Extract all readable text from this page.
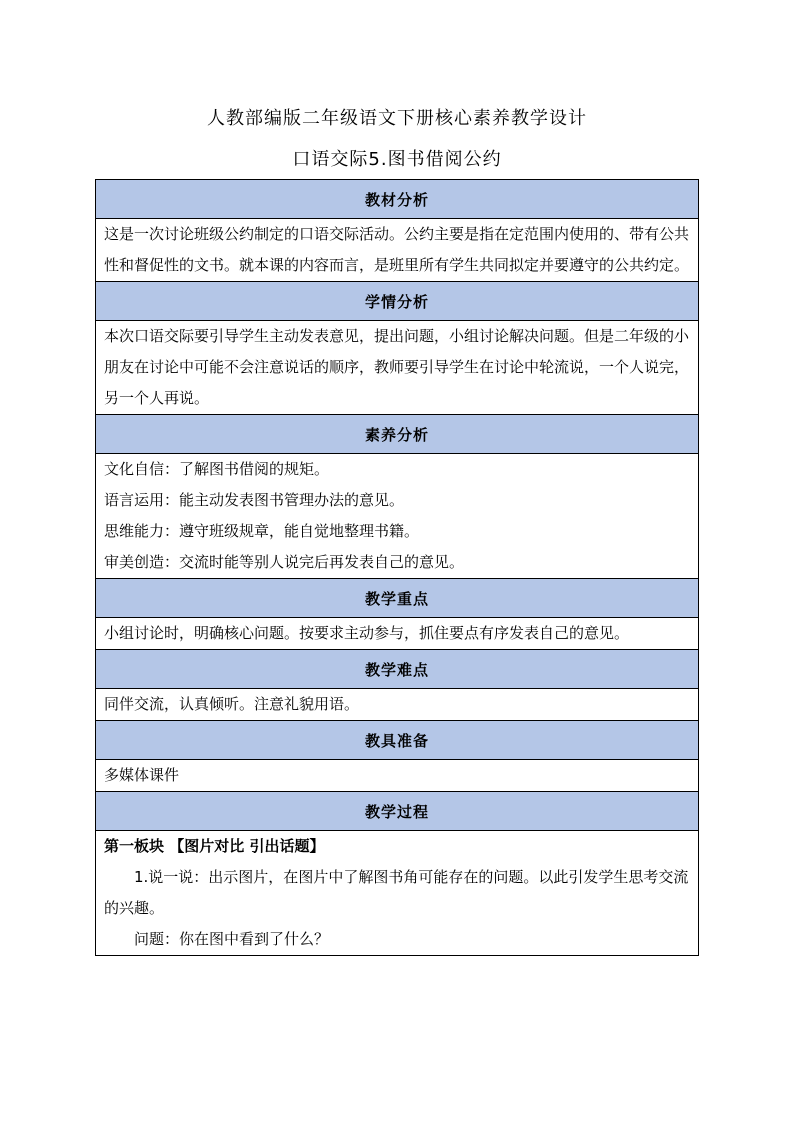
人教部编版二年级语文下册核心素养教学设计
口语交际5.图书借阅公约
教材分析

这是一次讨论班级公约制定的口语交际活动。公约主要是指在定范围内使用的、带有公共性和督促性的文书。就本课的内容而言，是班里所有学生共同拟定并要遵守的公共约定。

学情分析

本次口语交际要引导学生主动发表意见，提出问题，小组讨论解决问题。但是二年级的小朋友在讨论中可能不会注意说话的顺序，教师要引导学生在讨论中轮流说，一个人说完，另一个人再说。

素养分析

文化自信：了解图书借阅的规矩。

语言运用：能主动发表图书管理办法的意见。

思维能力：遵守班级规章，能自觉地整理书籍。

审美创造：交流时能等别人说完后再发表自己的意见。

教学重点

小组讨论时，明确核心问题。按要求主动参与，抓住要点有序发表自己的意见。

教学难点

同伴交流，认真倾听。注意礼貌用语。

教具准备

多媒体课件

教学过程

第一板块 【图片对比 引出话题】

1.说一说：出示图片，在图片中了解图书角可能存在的问题。以此引发学生思考交流的兴趣。

问题：你在图中看到了什么？
